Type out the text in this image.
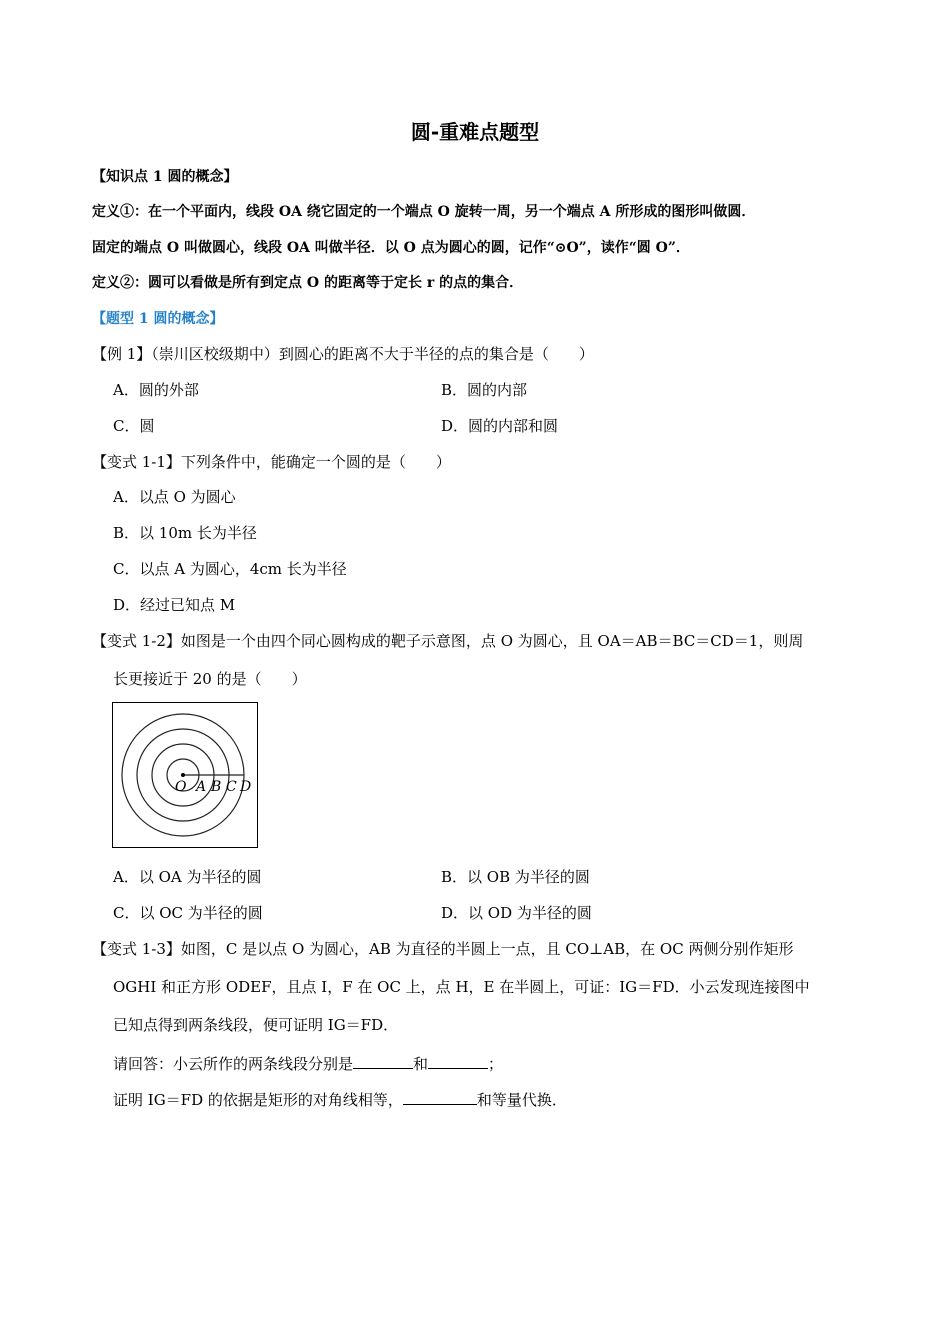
圆-重难点题型
【知识点 1 圆的概念】
定义①：在一个平面内，线段 OA 绕它固定的一个端点 O 旋转一周，另一个端点 A 所形成的图形叫做圆．
固定的端点 O 叫做圆心，线段 OA 叫做半径．以 O 点为圆心的圆，记作“⊙O”，读作“圆 O”．
定义②：圆可以看做是所有到定点 O 的距离等于定长 r 的点的集合．
【题型 1 圆的概念】
【例 1】（崇川区校级期中）到圆心的距离不大于半径的点的集合是（　　）
A．圆的外部	B．圆的内部
C．圆	D．圆的内部和圆
【变式 1-1】下列条件中，能确定一个圆的是（　　）
A．以点 O 为圆心
B．以 10m 长为半径
C．以点 A 为圆心，4cm 长为半径
D．经过已知点 M
【变式 1-2】如图是一个由四个同心圆构成的靶子示意图，点 O 为圆心，且 OA＝AB＝BC＝CD＝1，则周
长更接近于 20 的是（　　）
O A B C D
A．以 OA 为半径的圆	B．以 OB 为半径的圆
C．以 OC 为半径的圆	D．以 OD 为半径的圆
【变式 1-3】如图，C 是以点 O 为圆心，AB 为直径的半圆上一点，且 CO⊥AB，在 OC 两侧分别作矩形
OGHI 和正方形 ODEF，且点 I，F 在 OC 上，点 H，E 在半圆上，可证：IG＝FD．小云发现连接图中
已知点得到两条线段，便可证明 IG＝FD．
请回答：小云所作的两条线段分别是	和	；
证明 IG＝FD 的依据是矩形的对角线相等，	和等量代换．
